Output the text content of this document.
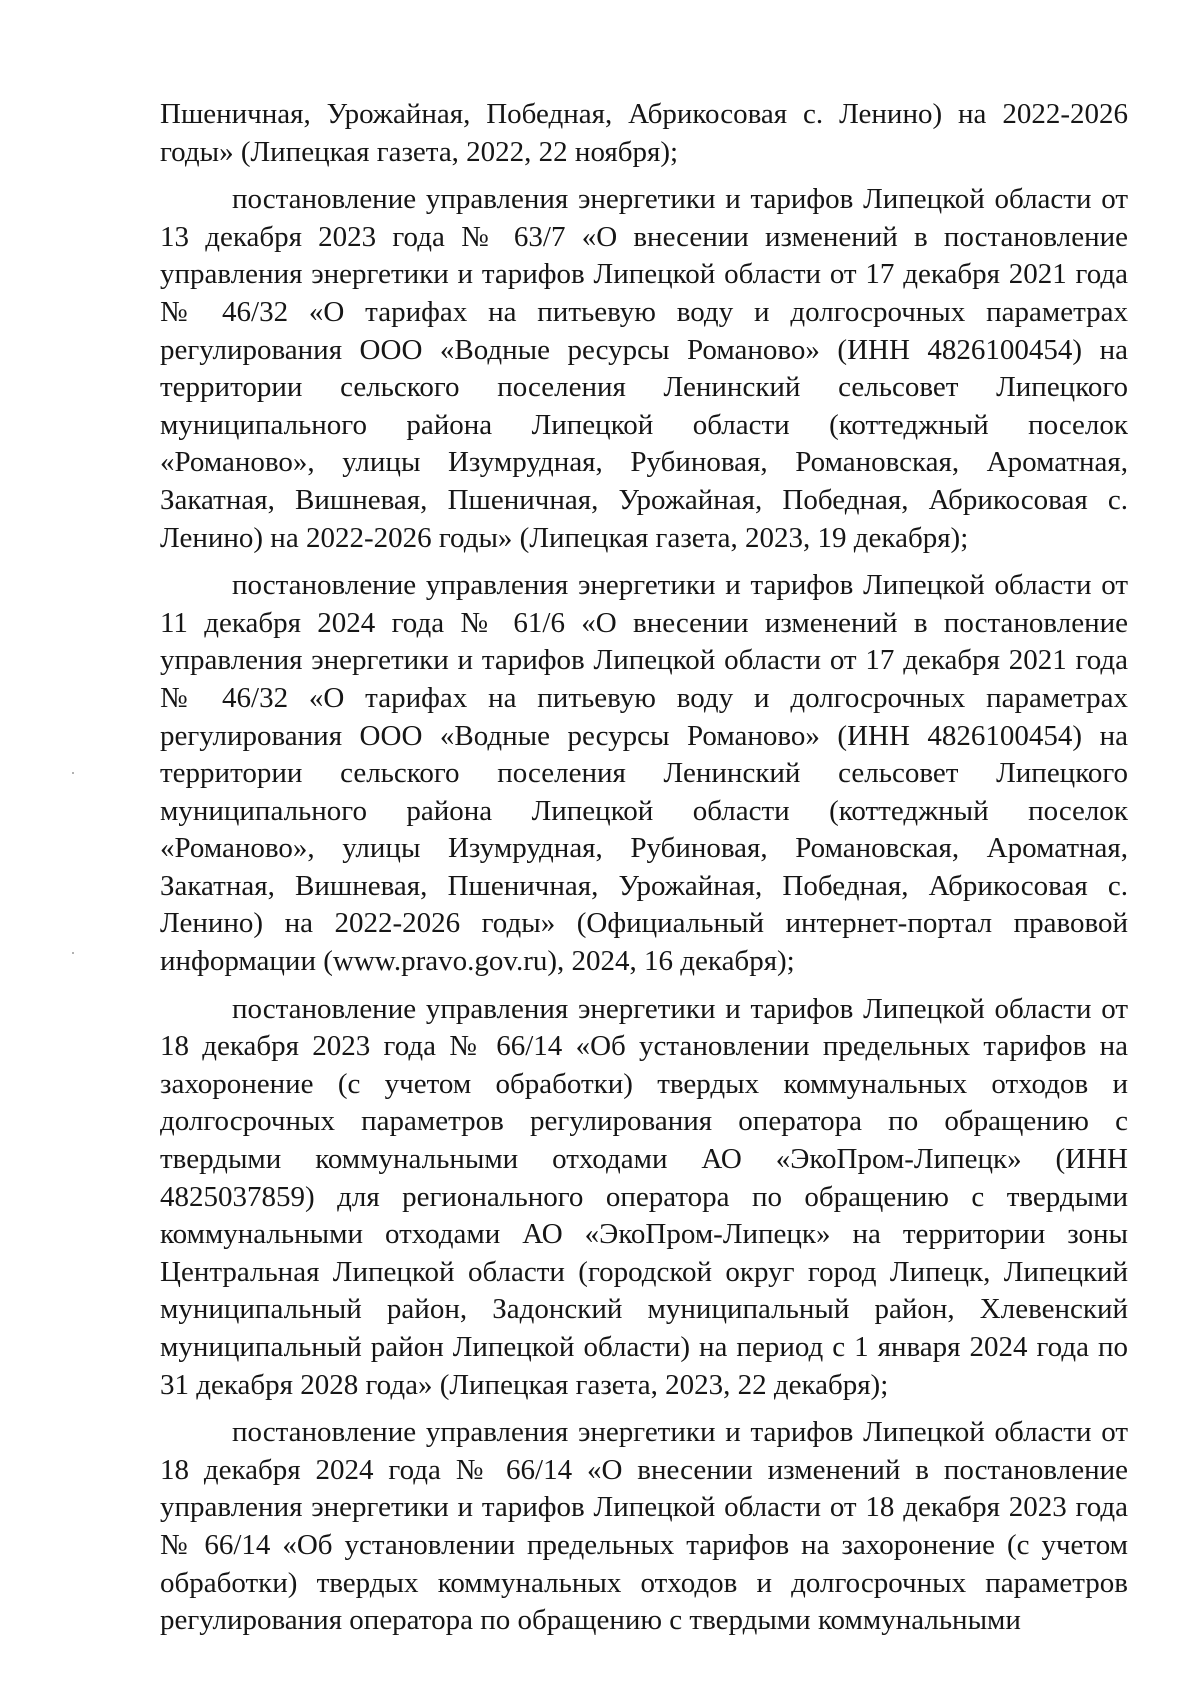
Пшеничная, Урожайная, Победная, Абрикосовая с. Ленино) на 2022-2026 годы» (Липецкая газета, 2022, 22 ноября);

постановление управления энергетики и тарифов Липецкой области от 13 декабря 2023 года № 63/7 «О внесении изменений в постановление управления энергетики и тарифов Липецкой области от 17 декабря 2021 года № 46/32 «О тарифах на питьевую воду и долгосрочных параметрах регулирования ООО «Водные ресурсы Романово» (ИНН 4826100454) на территории сельского поселения Ленинский сельсовет Липецкого муниципального района Липецкой области (коттеджный поселок «Романово», улицы Изумрудная, Рубиновая, Романовская, Ароматная, Закатная, Вишневая, Пшеничная, Урожайная, Победная, Абрикосовая с. Ленино) на 2022-2026 годы» (Липецкая газета, 2023, 19 декабря);

постановление управления энергетики и тарифов Липецкой области от 11 декабря 2024 года № 61/6 «О внесении изменений в постановление управления энергетики и тарифов Липецкой области от 17 декабря 2021 года № 46/32 «О тарифах на питьевую воду и долгосрочных параметрах регулирования ООО «Водные ресурсы Романово» (ИНН 4826100454) на территории сельского поселения Ленинский сельсовет Липецкого муниципального района Липецкой области (коттеджный поселок «Романово», улицы Изумрудная, Рубиновая, Романовская, Ароматная, Закатная, Вишневая, Пшеничная, Урожайная, Победная, Абрикосовая с. Ленино) на 2022-2026 годы» (Официальный интернет-портал правовой информации (www.pravo.gov.ru), 2024, 16 декабря);

постановление управления энергетики и тарифов Липецкой области от 18 декабря 2023 года № 66/14 «Об установлении предельных тарифов на захоронение (с учетом обработки) твердых коммунальных отходов и долгосрочных параметров регулирования оператора по обращению с твердыми коммунальными отходами АО «ЭкоПром-Липецк» (ИНН 4825037859) для регионального оператора по обращению с твердыми коммунальными отходами АО «ЭкоПром-Липецк» на территории зоны Центральная Липецкой области (городской округ город Липецк, Липецкий муниципальный район, Задонский муниципальный район, Хлевенский муниципальный район Липецкой области) на период с 1 января 2024 года по 31 декабря 2028 года» (Липецкая газета, 2023, 22 декабря);

постановление управления энергетики и тарифов Липецкой области от 18 декабря 2024 года № 66/14 «О внесении изменений в постановление управления энергетики и тарифов Липецкой области от 18 декабря 2023 года № 66/14 «Об установлении предельных тарифов на захоронение (с учетом обработки) твердых коммунальных отходов и долгосрочных параметров регулирования оператора по обращению с твердыми коммунальными
